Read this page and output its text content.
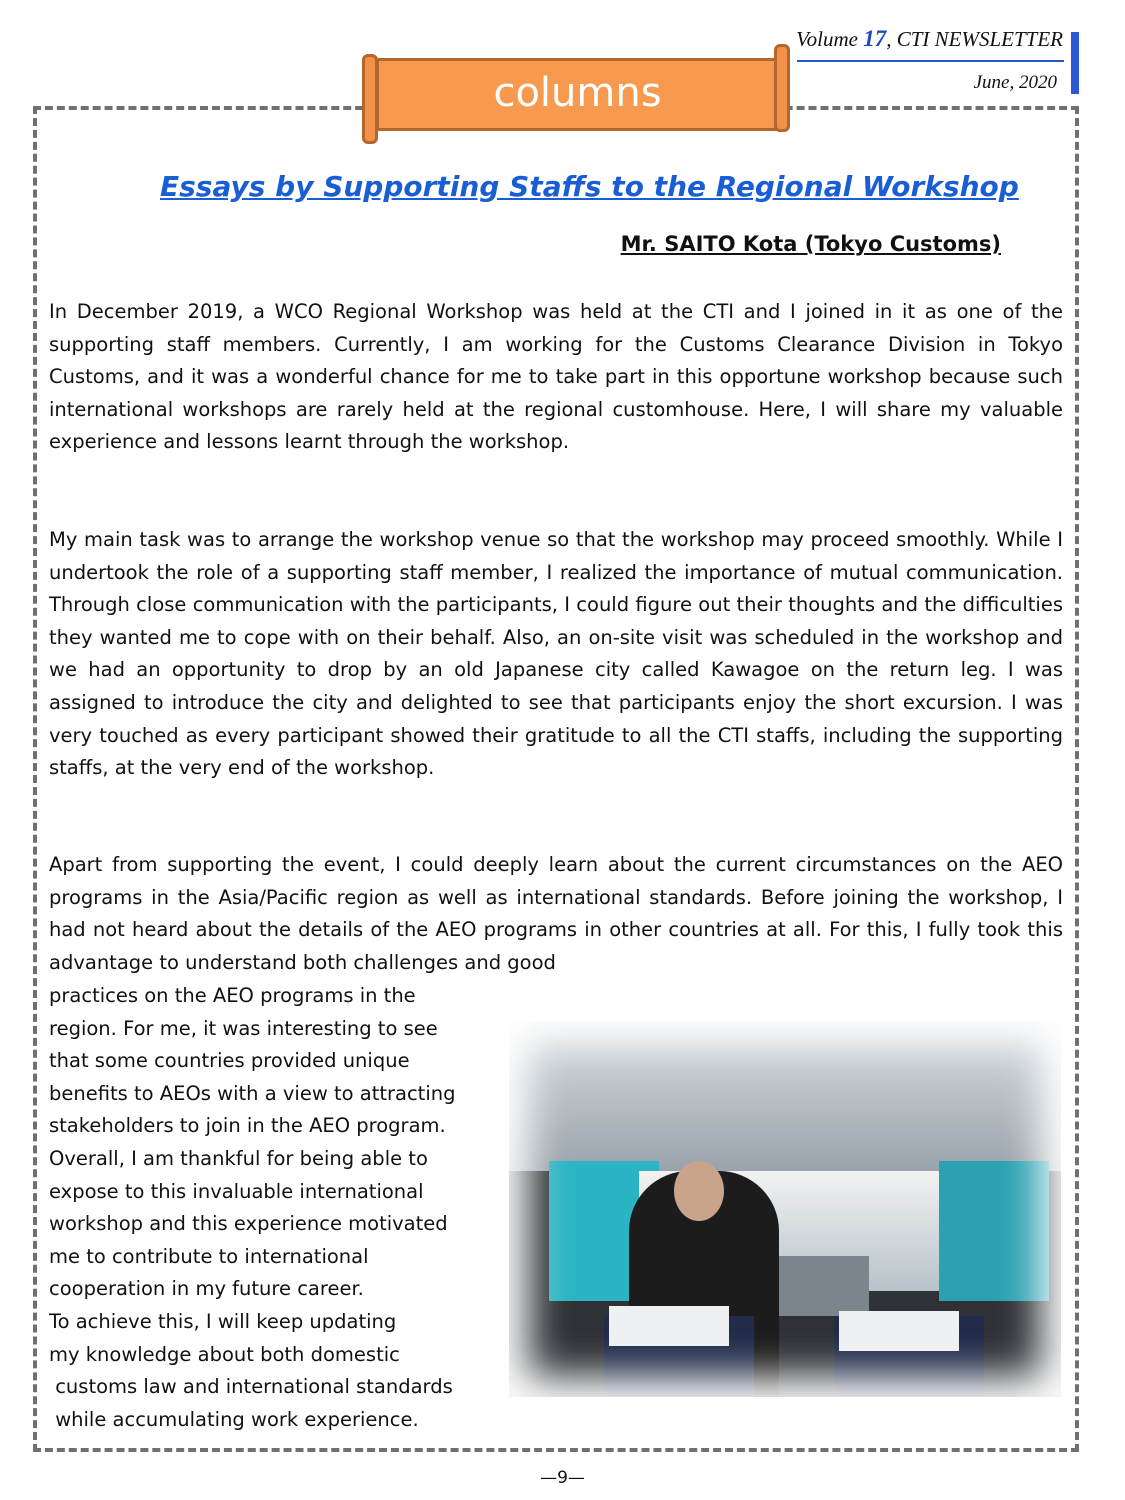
Volume 17, CTI NEWSLETTER
June, 2020
columns
Essays by Supporting Staffs to the Regional Workshop
Mr. SAITO Kota (Tokyo Customs)

In December 2019, a WCO Regional Workshop was held at the CTI and I joined in it as one of the supporting staff members. Currently, I am working for the Customs Clearance Division in Tokyo Customs, and it was a wonderful chance for me to take part in this opportune workshop because such international workshops are rarely held at the regional customhouse. Here, I will share my valuable experience and lessons learnt through the workshop.

My main task was to arrange the workshop venue so that the workshop may proceed smoothly. While I undertook the role of a supporting staff member, I realized the importance of mutual communication. Through close communication with the participants, I could figure out their thoughts and the difficulties they wanted me to cope with on their behalf. Also, an on-site visit was scheduled in the workshop and we had an opportunity to drop by an old Japanese city called Kawagoe on the return leg. I was assigned to introduce the city and delighted to see that participants enjoy the short excursion. I was very touched as every participant showed their gratitude to all the CTI staffs, including the supporting staffs, at the very end of the workshop.

Apart from supporting the event, I could deeply learn about the current circumstances on the AEO programs in the Asia/Pacific region as well as international standards. Before joining the workshop, I had not heard about the details of the AEO programs in other countries at all. For this, I fully took this advantage to understand both challenges and good

practices on the AEO programs in the
region. For me, it was interesting to see
that some countries provided unique
benefits to AEOs with a view to attracting
stakeholders to join in the AEO program.
Overall, I am thankful for being able to
expose to this invaluable international
workshop and this experience motivated
me to contribute to international
cooperation in my future career.
To achieve this, I will keep updating
my knowledge about both domestic
customs law and international standards
while accumulating work experience.
—9—
